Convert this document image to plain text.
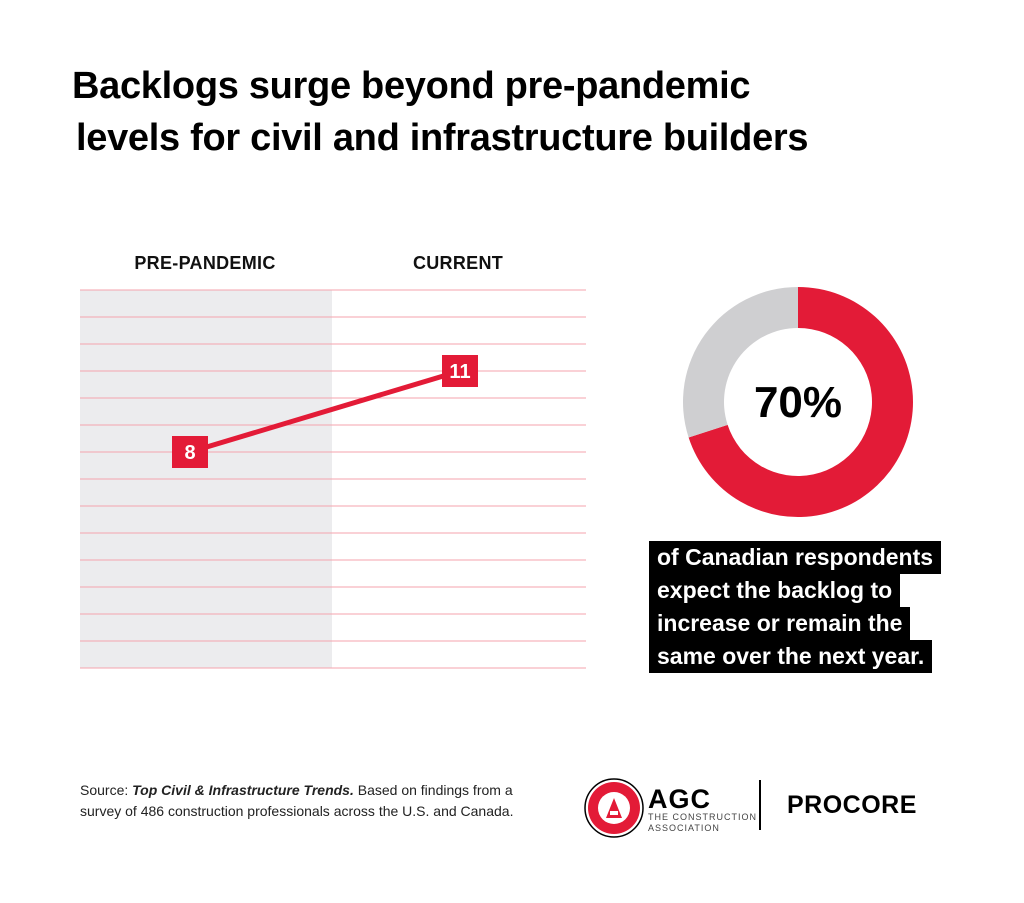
Backlogs surge beyond pre-pandemic
levels for civil and infrastructure builders
PRE-PANDEMIC	CURRENT
8
11
70%
of Canadian respondents
expect the backlog to
increase or remain the
same over the next year.
Source: Top Civil & Infrastructure Trends. Based on findings from a survey of 486 construction professionals across the U.S. and Canada.	AGC
THE CONSTRUCTION
ASSOCIATION
PROCORE
